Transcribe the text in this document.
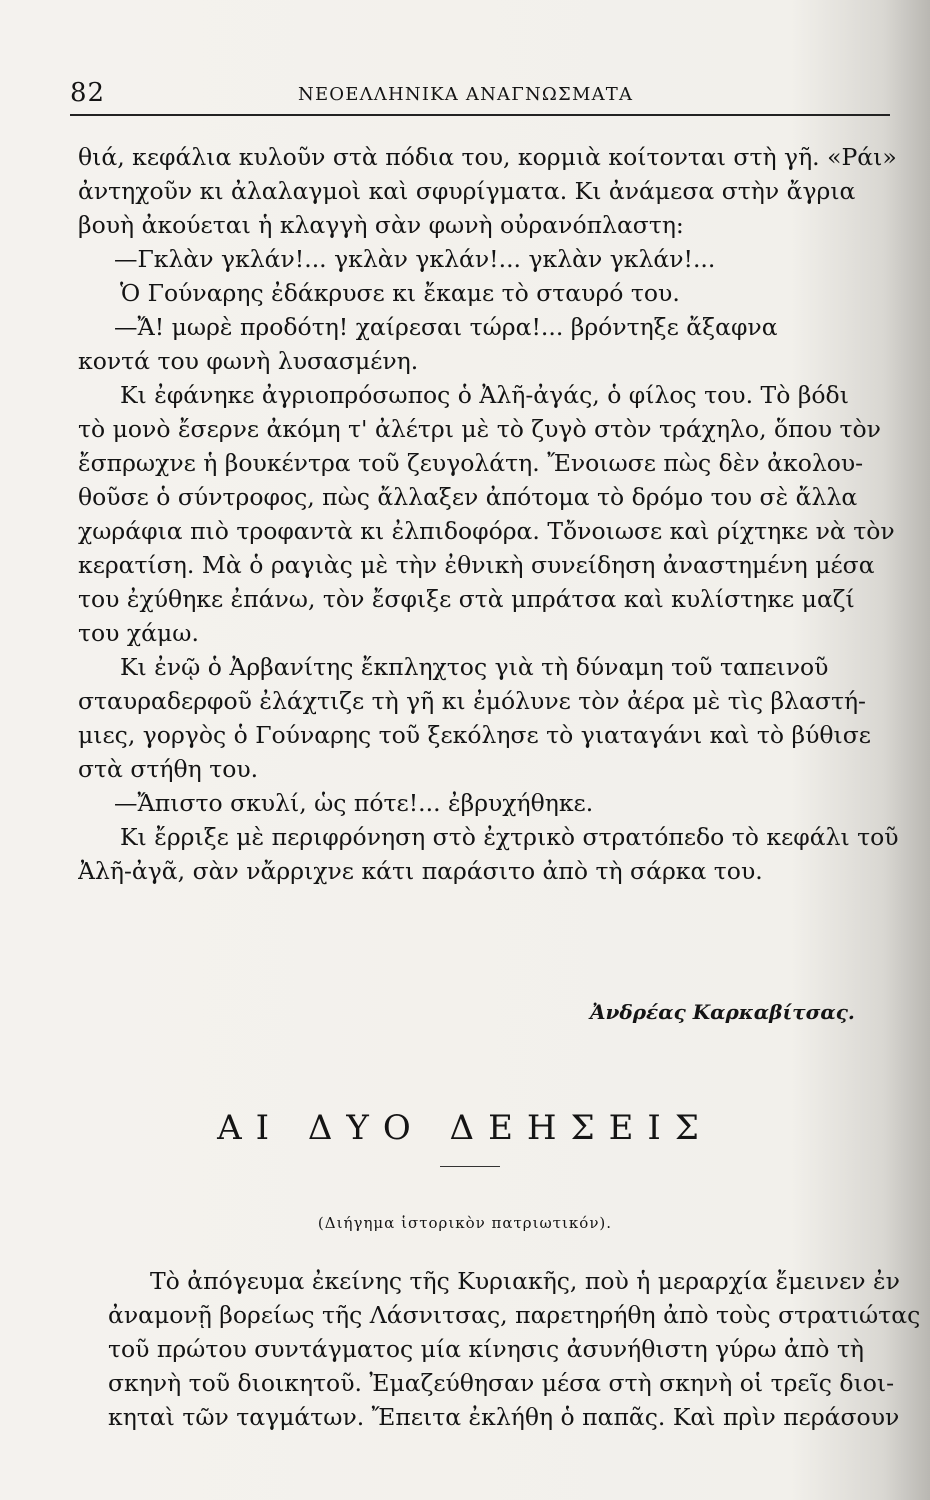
82	ΝΕΟΕΛΛΗΝΙΚΑ ΑΝΑΓΝΩΣΜΑΤΑ
θιά, κεφάλια κυλοῦν στὰ πόδια του, κορμιὰ κοίτονται στὴ γῆ. «Ράι»
ἀντηχοῦν κι ἀλαλαγμοὶ καὶ σφυρίγματα. Κι ἀνάμεσα στὴν ἄγρια
βουὴ ἀκούεται ἡ κλαγγὴ σὰν φωνὴ οὐρανόπλαστη:
—Γκλὰν γκλάν!... γκλὰν γκλάν!... γκλὰν γκλάν!...
Ὁ Γούναρης ἐδάκρυσε κι ἔκαμε τὸ σταυρό του.
—Ἄ! μωρὲ προδότη! χαίρεσαι τώρα!... βρόντηξε ἄξαφνα
κοντά του φωνὴ λυσασμένη.
Κι ἐφάνηκε ἀγριοπρόσωπος ὁ Ἀλῆ-ἀγάς, ὁ φίλος του. Τὸ βόδι
τὸ μονὸ ἔσερνε ἀκόμη τ' ἀλέτρι μὲ τὸ ζυγὸ στὸν τράχηλο, ὅπου τὸν
ἔσπρωχνε ἡ βουκέντρα τοῦ ζευγολάτη. Ἔνοιωσε πὼς δὲν ἀκολου-
θοῦσε ὁ σύντροφος, πὼς ἄλλαξεν ἀπότομα τὸ δρόμο του σὲ ἄλλα
χωράφια πιὸ τροφαντὰ κι ἐλπιδοφόρα. Τὄνοιωσε καὶ ρίχτηκε νὰ τὸν
κερατίση. Μὰ ὁ ραγιὰς μὲ τὴν ἐθνικὴ συνείδηση ἀναστημένη μέσα
του ἐχύθηκε ἐπάνω, τὸν ἔσφιξε στὰ μπράτσα καὶ κυλίστηκε μαζί
του χάμω.
Κι ἐνῷ ὁ Ἀρβανίτης ἔκπληχτος γιὰ τὴ δύναμη τοῦ ταπεινοῦ
σταυραδερφοῦ ἐλάχτιζε τὴ γῆ κι ἐμόλυνε τὸν ἀέρα μὲ τὶς βλαστή-
μιες, γοργὸς ὁ Γούναρης τοῦ ξεκόλησε τὸ γιαταγάνι καὶ τὸ βύθισε
στὰ στήθη του.
—Ἄπιστο σκυλί, ὡς πότε!... ἐβρυχήθηκε.
Κι ἔρριξε μὲ περιφρόνηση στὸ ἐχτρικὸ στρατόπεδο τὸ κεφάλι τοῦ
Ἀλῆ-ἀγᾶ, σὰν νἄρριχνε κάτι παράσιτο ἀπὸ τὴ σάρκα του.
Ἀνδρέας Καρκαβίτσας.
ΑΙ ΔΥΟ ΔΕΗΣΕΙΣ
(Διήγημα ἱστορικὸν πατριωτικόν).
Τὸ ἀπόγευμα ἐκείνης τῆς Κυριακῆς, ποὺ ἡ μεραρχία ἔμεινεν ἐν
ἀναμονῇ βορείως τῆς Λάσνιτσας, παρετηρήθη ἀπὸ τοὺς στρατιώτας
τοῦ πρώτου συντάγματος μία κίνησις ἀσυνήθιστη γύρω ἀπὸ τὴ
σκηνὴ τοῦ διοικητοῦ. Ἐμαζεύθησαν μέσα στὴ σκηνὴ οἱ τρεῖς διοι-
κηταὶ τῶν ταγμάτων. Ἔπειτα ἐκλήθη ὁ παπᾶς. Καὶ πρὶν περάσουν
